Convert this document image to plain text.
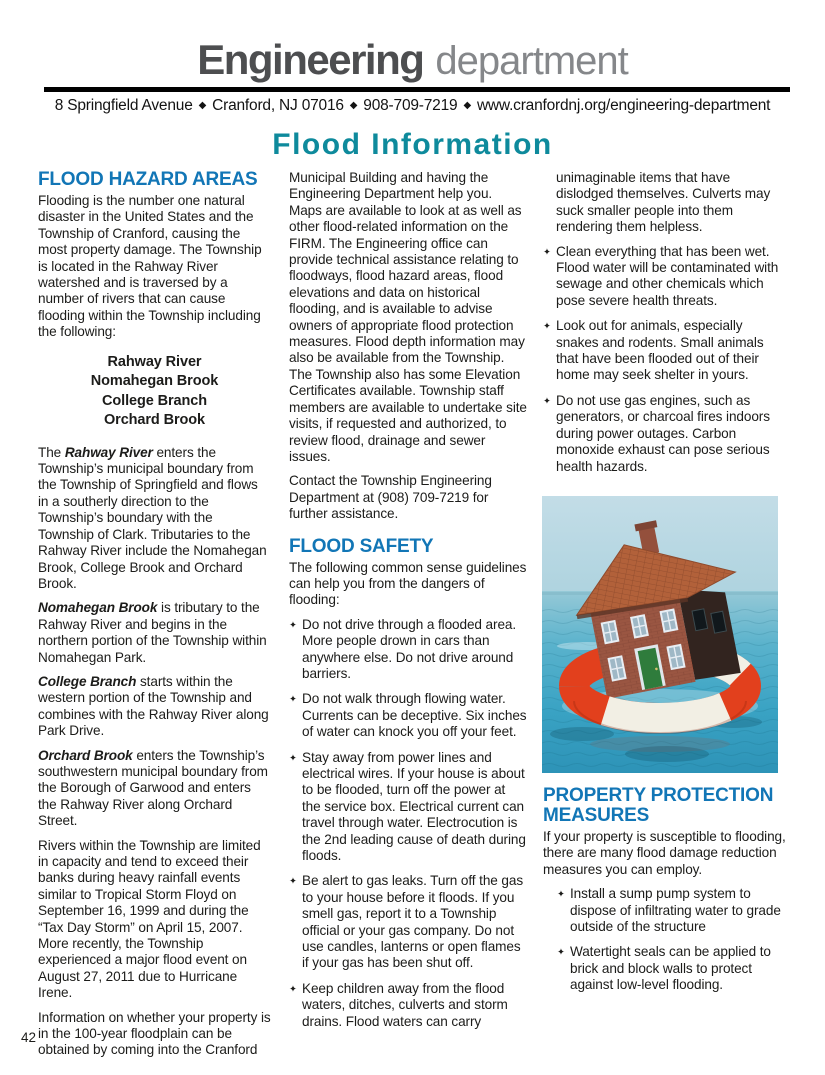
Engineering department
8 Springfield Avenue ◆ Cranford, NJ 07016 ◆ 908-709-7219 ◆ www.cranfordnj.org/engineering-department
Flood Information
FLOOD HAZARD AREAS

Flooding is the number one natural disaster in the United States and the Township of Cranford, causing the most property damage. The Township is located in the Rahway River watershed and is traversed by a number of rivers that can cause flooding within the Township including the following:

Rahway River
Nomahegan Brook
College Branch
Orchard Brook

The Rahway River enters the Township’s municipal boundary from the Township of Springfield and flows in a southerly direction to the Township’s boundary with the Township of Clark. Tributaries to the Rahway River include the Nomahegan Brook, College Brook and Orchard Brook.

Nomahegan Brook is tributary to the Rahway River and begins in the northern portion of the Township within Nomahegan Park.

College Branch starts within the western portion of the Township and combines with the Rahway River along Park Drive.

Orchard Brook enters the Township’s southwestern municipal boundary from the Borough of Garwood and enters the Rahway River along Orchard Street.

Rivers within the Township are limited in capacity and tend to exceed their banks during heavy rainfall events similar to Tropical Storm Floyd on September 16, 1999 and during the “Tax Day Storm” on April 15, 2007. More recently, the Township experienced a major flood event on August 27, 2011 due to Hurricane Irene.

Information on whether your property is in the 100-year floodplain can be obtained by coming into the Cranford

Municipal Building and having the Engineering Department help you. Maps are available to look at as well as other flood-related information on the FIRM. The Engineering office can provide technical assistance relating to floodways, flood hazard areas, flood elevations and data on historical flooding, and is available to advise owners of appropriate flood protection measures. Flood depth information may also be available from the Township. The Township also has some Elevation Certificates available. Township staff members are available to undertake site visits, if requested and authorized, to review flood, drainage and sewer issues.

Contact the Township Engineering Department at (908) 709-7219 for further assistance.

FLOOD SAFETY

The following common sense guidelines can help you from the dangers of flooding:

✦ Do not drive through a flooded area. More people drown in cars than anywhere else. Do not drive around barriers.
✦ Do not walk through flowing water. Currents can be deceptive. Six inches of water can knock you off your feet.
✦ Stay away from power lines and electrical wires. If your house is about to be flooded, turn off the power at the service box. Electrical current can travel through water. Electrocution is the 2nd leading cause of death during floods.
✦ Be alert to gas leaks. Turn off the gas to your house before it floods. If you smell gas, report it to a Township official or your gas company. Do not use candles, lanterns or open flames if your gas has been shut off.
✦ Keep children away from the flood waters, ditches, culverts and storm drains. Flood waters can carry

unimaginable items that have dislodged themselves. Culverts may suck smaller people into them rendering them helpless.

✦ Clean everything that has been wet. Flood water will be contaminated with sewage and other chemicals which pose severe health threats.
✦ Look out for animals, especially snakes and rodents. Small animals that have been flooded out of their home may seek shelter in yours.
✦ Do not use gas engines, such as generators, or charcoal fires indoors during power outages. Carbon monoxide exhaust can pose serious health hazards.
PROPERTY PROTECTION MEASURES

If your property is susceptible to flooding, there are many flood damage reduction measures you can employ.

✦ Install a sump pump system to dispose of infiltrating water to grade outside of the structure
✦ Watertight seals can be applied to brick and block walls to protect against low-level flooding.
42
